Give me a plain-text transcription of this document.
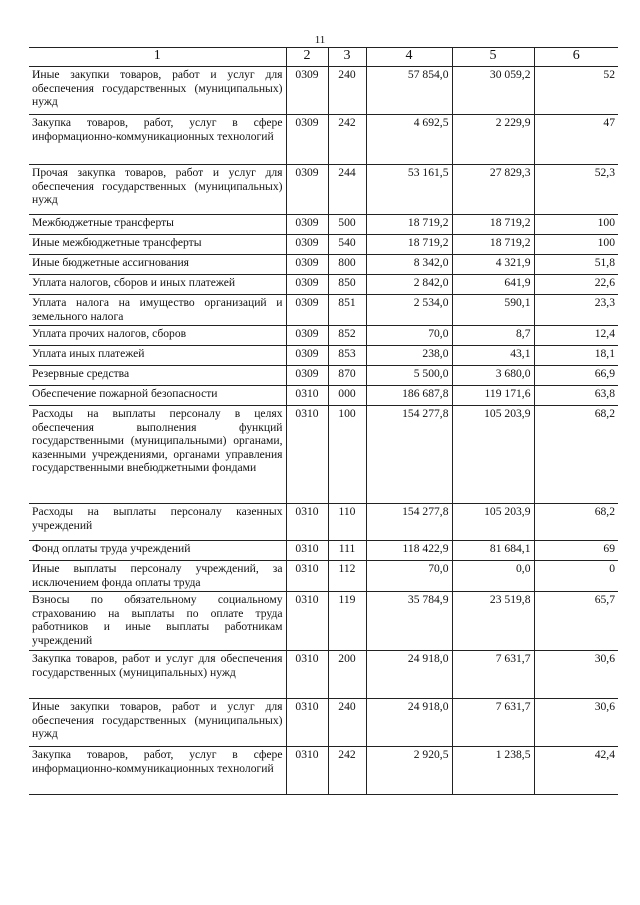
11
1	2	3	4	5	6
Иные закупки товаров, работ и услуг для обеспечения государственных (муниципальных) нужд	0309	240	57 854,0	30 059,2	52
Закупка товаров, работ, услуг в сфере информационно-коммуникационных технологий	0309	242	4 692,5	2 229,9	47
Прочая закупка товаров, работ и услуг для обеспечения государственных (муниципальных) нужд	0309	244	53 161,5	27 829,3	52,3
Межбюджетные трансферты	0309	500	18 719,2	18 719,2	100
Иные межбюджетные трансферты	0309	540	18 719,2	18 719,2	100
Иные бюджетные ассигнования	0309	800	8 342,0	4 321,9	51,8
Уплата налогов, сборов и иных платежей	0309	850	2 842,0	641,9	22,6
Уплата налога на имущество организаций и земельного налога	0309	851	2 534,0	590,1	23,3
Уплата прочих налогов, сборов	0309	852	70,0	8,7	12,4
Уплата иных платежей	0309	853	238,0	43,1	18,1
Резервные средства	0309	870	5 500,0	3 680,0	66,9
Обеспечение пожарной безопасности	0310	000	186 687,8	119 171,6	63,8
Расходы на выплаты персоналу в целях обеспечения выполнения функций государственными (муниципальными) органами, казенными учреждениями, органами управления государственными внебюджетными фондами	0310	100	154 277,8	105 203,9	68,2
Расходы на выплаты персоналу казенных учреждений	0310	110	154 277,8	105 203,9	68,2
Фонд оплаты труда учреждений	0310	111	118 422,9	81 684,1	69
Иные выплаты персоналу учреждений, за исключением фонда оплаты труда	0310	112	70,0	0,0	0
Взносы по обязательному социальному страхованию на выплаты по оплате труда работников и иные выплаты работникам учреждений	0310	119	35 784,9	23 519,8	65,7
Закупка товаров, работ и услуг для обеспечения государственных (муниципальных) нужд	0310	200	24 918,0	7 631,7	30,6
Иные закупки товаров, работ и услуг для обеспечения государственных (муниципальных) нужд	0310	240	24 918,0	7 631,7	30,6
Закупка товаров, работ, услуг в сфере информационно-коммуникационных технологий	0310	242	2 920,5	1 238,5	42,4
